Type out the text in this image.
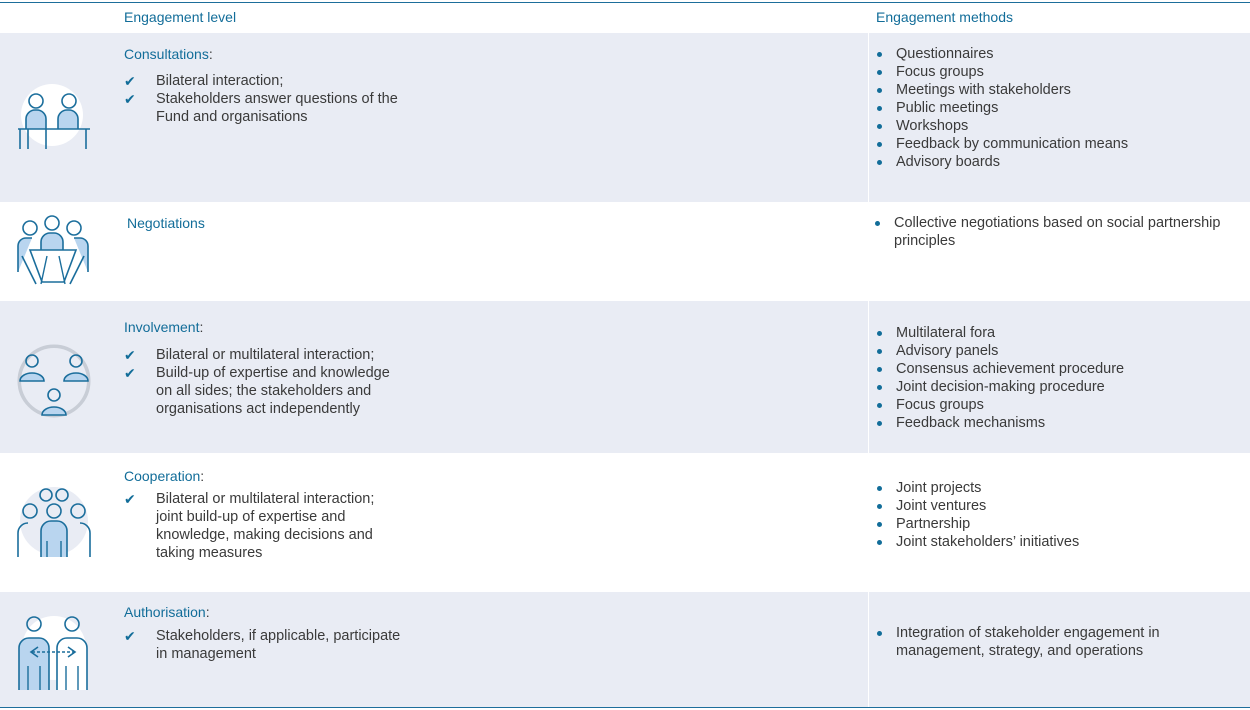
Engagement level	Engagement methods
Consultations:
✔ Bilateral interaction;
✔ Stakeholders answer questions of the Fund and organisations
Questionnaires
Focus groups
Meetings with stakeholders
Public meetings
Workshops
Feedback by communication means
Advisory boards
Negotiations	Collective negotiations based on social partnership principles
Involvement:
✔ Bilateral or multilateral interaction;
✔ Build-up of expertise and knowledge on all sides; the stakeholders and organisations act independently
Multilateral fora
Advisory panels
Consensus achievement procedure
Joint decision-making procedure
Focus groups
Feedback mechanisms
Cooperation:
✔ Bilateral or multilateral interaction; joint build-up of expertise and knowledge, making decisions and taking measures
Joint projects
Joint ventures
Partnership
Joint stakeholders’ initiatives
Authorisation:
✔ Stakeholders, if applicable, participate in management
Integration of stakeholder engagement in management, strategy, and operations
